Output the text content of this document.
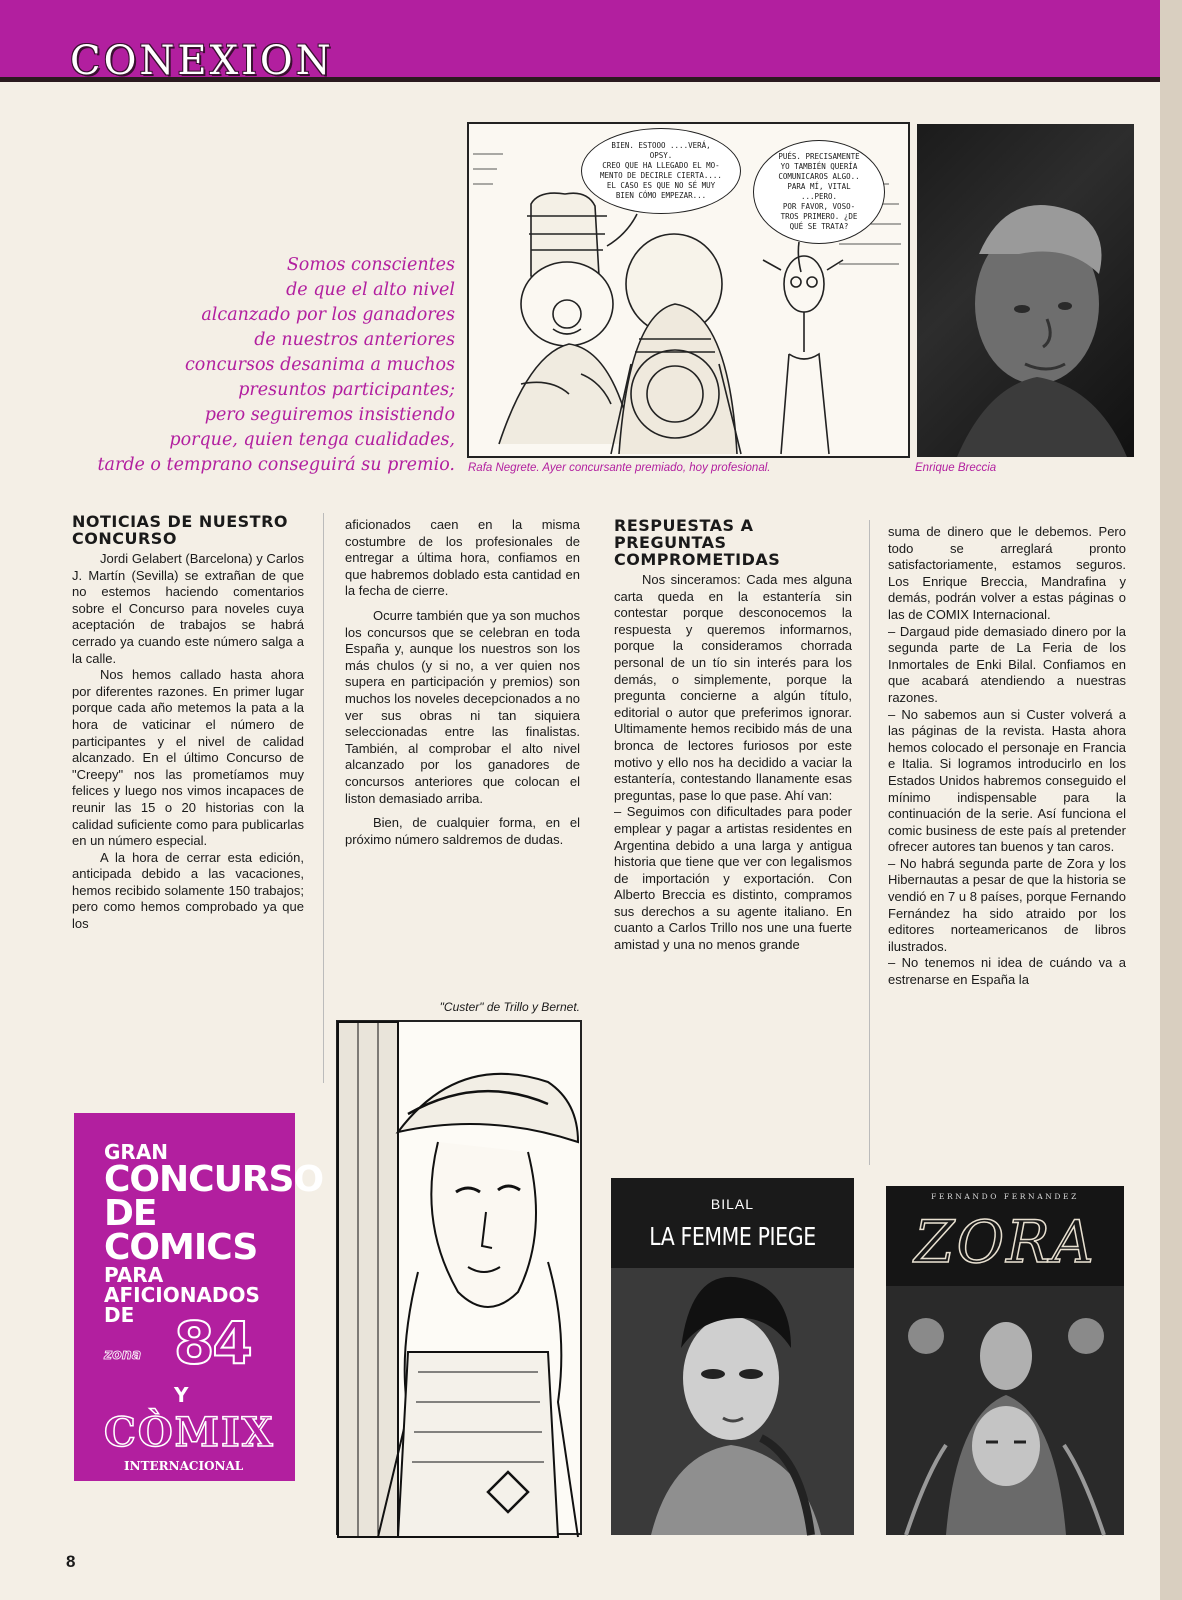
CONEXION

Somos conscientes
de que el alto nivel
alcanzado por los ganadores
de nuestros anteriores
concursos desanima a muchos
presuntos participantes;
pero seguiremos insistiendo
porque, quien tenga cualidades,
tarde o temprano conseguirá su premio.

BIEN. ESTOOO ....VERÁ, OPSY.
CREO QUE HA LLEGADO EL MO-
MENTO DE DECIRLE CIERTA....
EL CASO ES QUE NO SÉ MUY
BIEN CÓMO EMPEZAR...
PUÉS. PRECISAMENTE
YO TAMBIÉN QUERÍA
COMUNICAROS ALGO..
PARA MÍ, VITAL ...PERO.
POR FAVOR, VOSO-
TROS PRIMERO. ¿DE
QUÉ SE TRATA?

Rafa Negrete. Ayer concursante premiado, hoy profesional.	Enrique Breccia

NOTICIAS DE NUESTRO CONCURSO

Jordi Gelabert (Barcelona) y Carlos J. Martín (Sevilla) se extrañan de que no estemos haciendo comentarios sobre el Concurso para noveles cuya aceptación de trabajos se habrá cerrado ya cuando este número salga a la calle.

Nos hemos callado hasta ahora por diferentes razones. En primer lugar porque cada año metemos la pata a la hora de vaticinar el número de participantes y el nivel de calidad alcanzado. En el último Concurso de "Creepy" nos las prometíamos muy felices y luego nos vimos incapaces de reunir las 15 o 20 historias con la calidad suficiente como para publicarlas en un número especial.

A la hora de cerrar esta edición, anticipada debido a las vacaciones, hemos recibido solamente 150 trabajos; pero como hemos comprobado ya que los

aficionados caen en la misma costumbre de los profesionales de entregar a última hora, confiamos en que habremos doblado esta cantidad en la fecha de cierre.

Ocurre también que ya son muchos los concursos que se celebran en toda España y, aunque los nuestros son los más chulos (y si no, a ver quien nos supera en participación y premios) son muchos los noveles decepcionados a no ver sus obras ni tan siquiera seleccionadas entre las finalistas. También, al comprobar el alto nivel alcanzado por los ganadores de concursos anteriores que colocan el liston demasiado arriba.

Bien, de cualquier forma, en el próximo número saldremos de dudas.

"Custer" de Trillo y Bernet.

RESPUESTAS A PREGUNTAS COMPROMETIDAS

Nos sinceramos: Cada mes alguna carta queda en la estantería sin contestar porque desconocemos la respuesta y queremos informarnos, porque la consideramos chorrada personal de un tío sin interés para los demás, o simplemente, porque la pregunta concierne a algún título, editorial o autor que preferimos ignorar. Ultimamente hemos recibido más de una bronca de lectores furiosos por este motivo y ello nos ha decidido a vaciar la estantería, contestando llanamente esas preguntas, pase lo que pase. Ahí van:

– Seguimos con dificultades para poder emplear y pagar a artistas residentes en Argentina debido a una larga y antigua historia que tiene que ver con legalismos de importación y exportación. Con Alberto Breccia es distinto, compramos sus derechos a su agente italiano. En cuanto a Carlos Trillo nos une una fuerte amistad y una no menos grande

suma de dinero que le debemos. Pero todo se arreglará pronto satisfactoriamente, estamos seguros. Los Enrique Breccia, Mandrafina y demás, podrán volver a estas páginas o las de COMIX Internacional.

– Dargaud pide demasiado dinero por la segunda parte de La Feria de los Inmortales de Enki Bilal. Confiamos en que acabará atendiendo a nuestras razones.

– No sabemos aun si Custer volverá a las páginas de la revista. Hasta ahora hemos colocado el personaje en Francia e Italia. Si logramos introducirlo en los Estados Unidos habremos conseguido el mínimo indispensable para la continuación de la serie. Así funciona el comic business de este país al pretender ofrecer autores tan buenos y tan caros.

– No habrá segunda parte de Zora y los Hibernautas a pesar de que la historia se vendió en 7 u 8 países, porque Fernando Fernández ha sido atraido por los editores norteamericanos de libros ilustrados.

– No tenemos ni idea de cuándo va a estrenarse en España la

GRAN
CONCURSO
DE COMICS
PARA
AFICIONADOS DE
zona 84
Y
CÒMIX
INTERNACIONAL

8

BILAL
LA FEMME PIEGE
FERNANDO FERNANDEZ
ZORA
